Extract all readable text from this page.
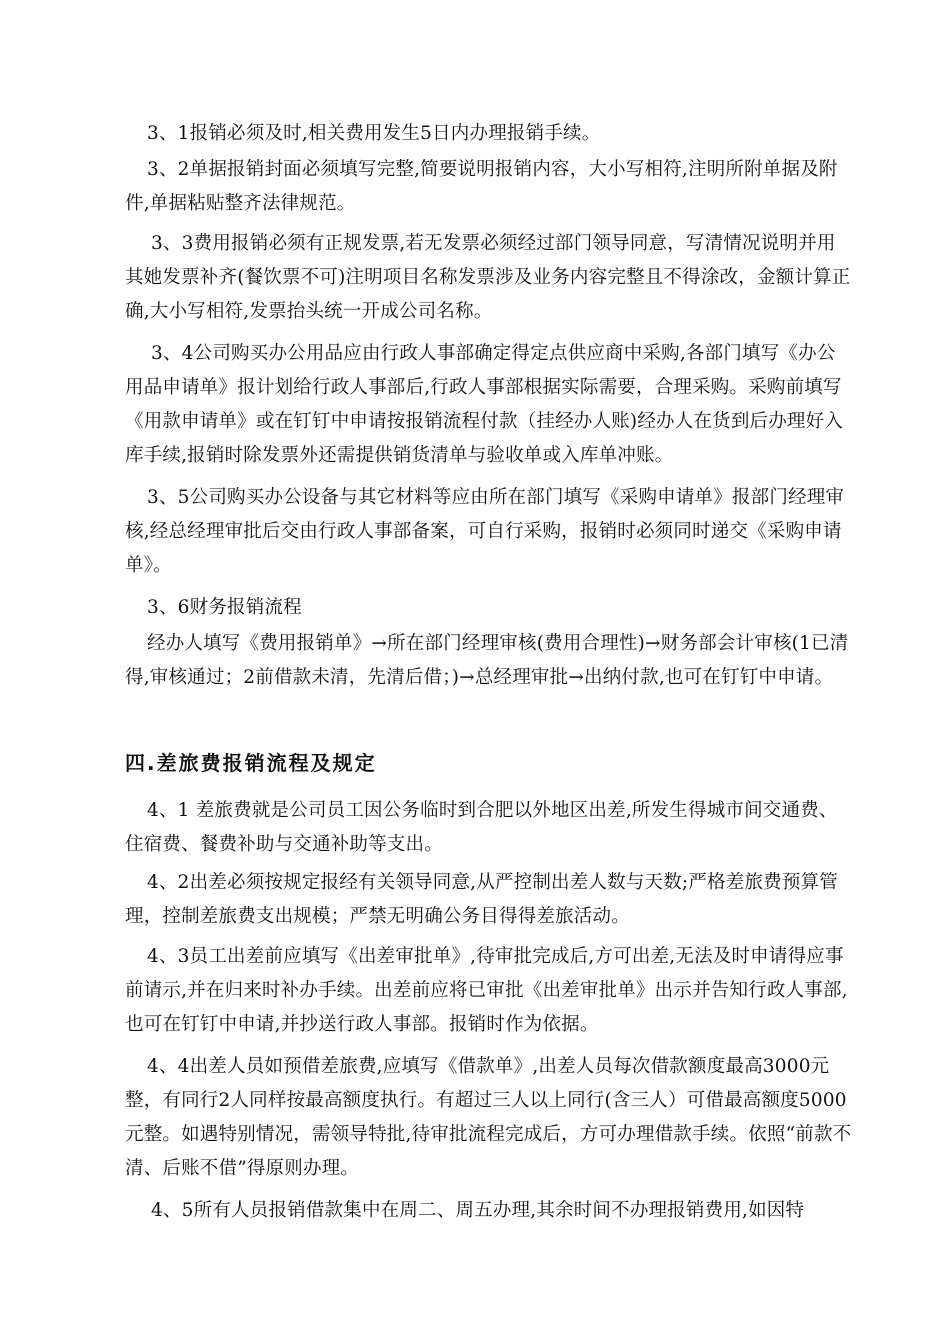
3、1报销必须及时,相关费用发生5日内办理报销手续。

3、2单据报销封面必须填写完整,简要说明报销内容，大小写相符,注明所附单据及附件,单据粘贴整齐法律规范。

3、3费用报销必须有正规发票,若无发票必须经过部门领导同意，写清情况说明并用其她发票补齐(餐饮票不可)注明项目名称发票涉及业务内容完整且不得涂改，金额计算正确,大小写相符,发票抬头统一开成公司名称。

3、4公司购买办公用品应由行政人事部确定得定点供应商中采购,各部门填写《办公用品申请单》报计划给行政人事部后,行政人事部根据实际需要，合理采购。采购前填写《用款申请单》或在钉钉中申请按报销流程付款（挂经办人账)经办人在货到后办理好入库手续,报销时除发票外还需提供销货清单与验收单或入库单冲账。

3、5公司购买办公设备与其它材料等应由所在部门填写《采购申请单》报部门经理审核,经总经理审批后交由行政人事部备案，可自行采购，报销时必须同时递交《采购申请单》。

3、6财务报销流程

经办人填写《费用报销单》→所在部门经理审核(费用合理性)→财务部会计审核(1已清得,审核通过；2前借款未清，先清后借；)→总经理审批→出纳付款,也可在钉钉中申请。

四.差旅费报销流程及规定

4、1 差旅费就是公司员工因公务临时到合肥以外地区出差,所发生得城市间交通费、住宿费、餐费补助与交通补助等支出。

4、2出差必须按规定报经有关领导同意,从严控制出差人数与天数;严格差旅费预算管理，控制差旅费支出规模；严禁无明确公务目得得差旅活动。

4、3员工出差前应填写《出差审批单》,待审批完成后,方可出差,无法及时申请得应事前请示,并在归来时补办手续。出差前应将已审批《出差审批单》出示并告知行政人事部,也可在钉钉中申请,并抄送行政人事部。报销时作为依据。

4、4出差人员如预借差旅费,应填写《借款单》,出差人员每次借款额度最高3000元整，有同行2人同样按最高额度执行。有超过三人以上同行(含三人）可借最高额度5000元整。如遇特别情况，需领导特批,待审批流程完成后，方可办理借款手续。依照“前款不清、后账不借”得原则办理。

4、5所有人员报销借款集中在周二、周五办理,其余时间不办理报销费用,如因特
